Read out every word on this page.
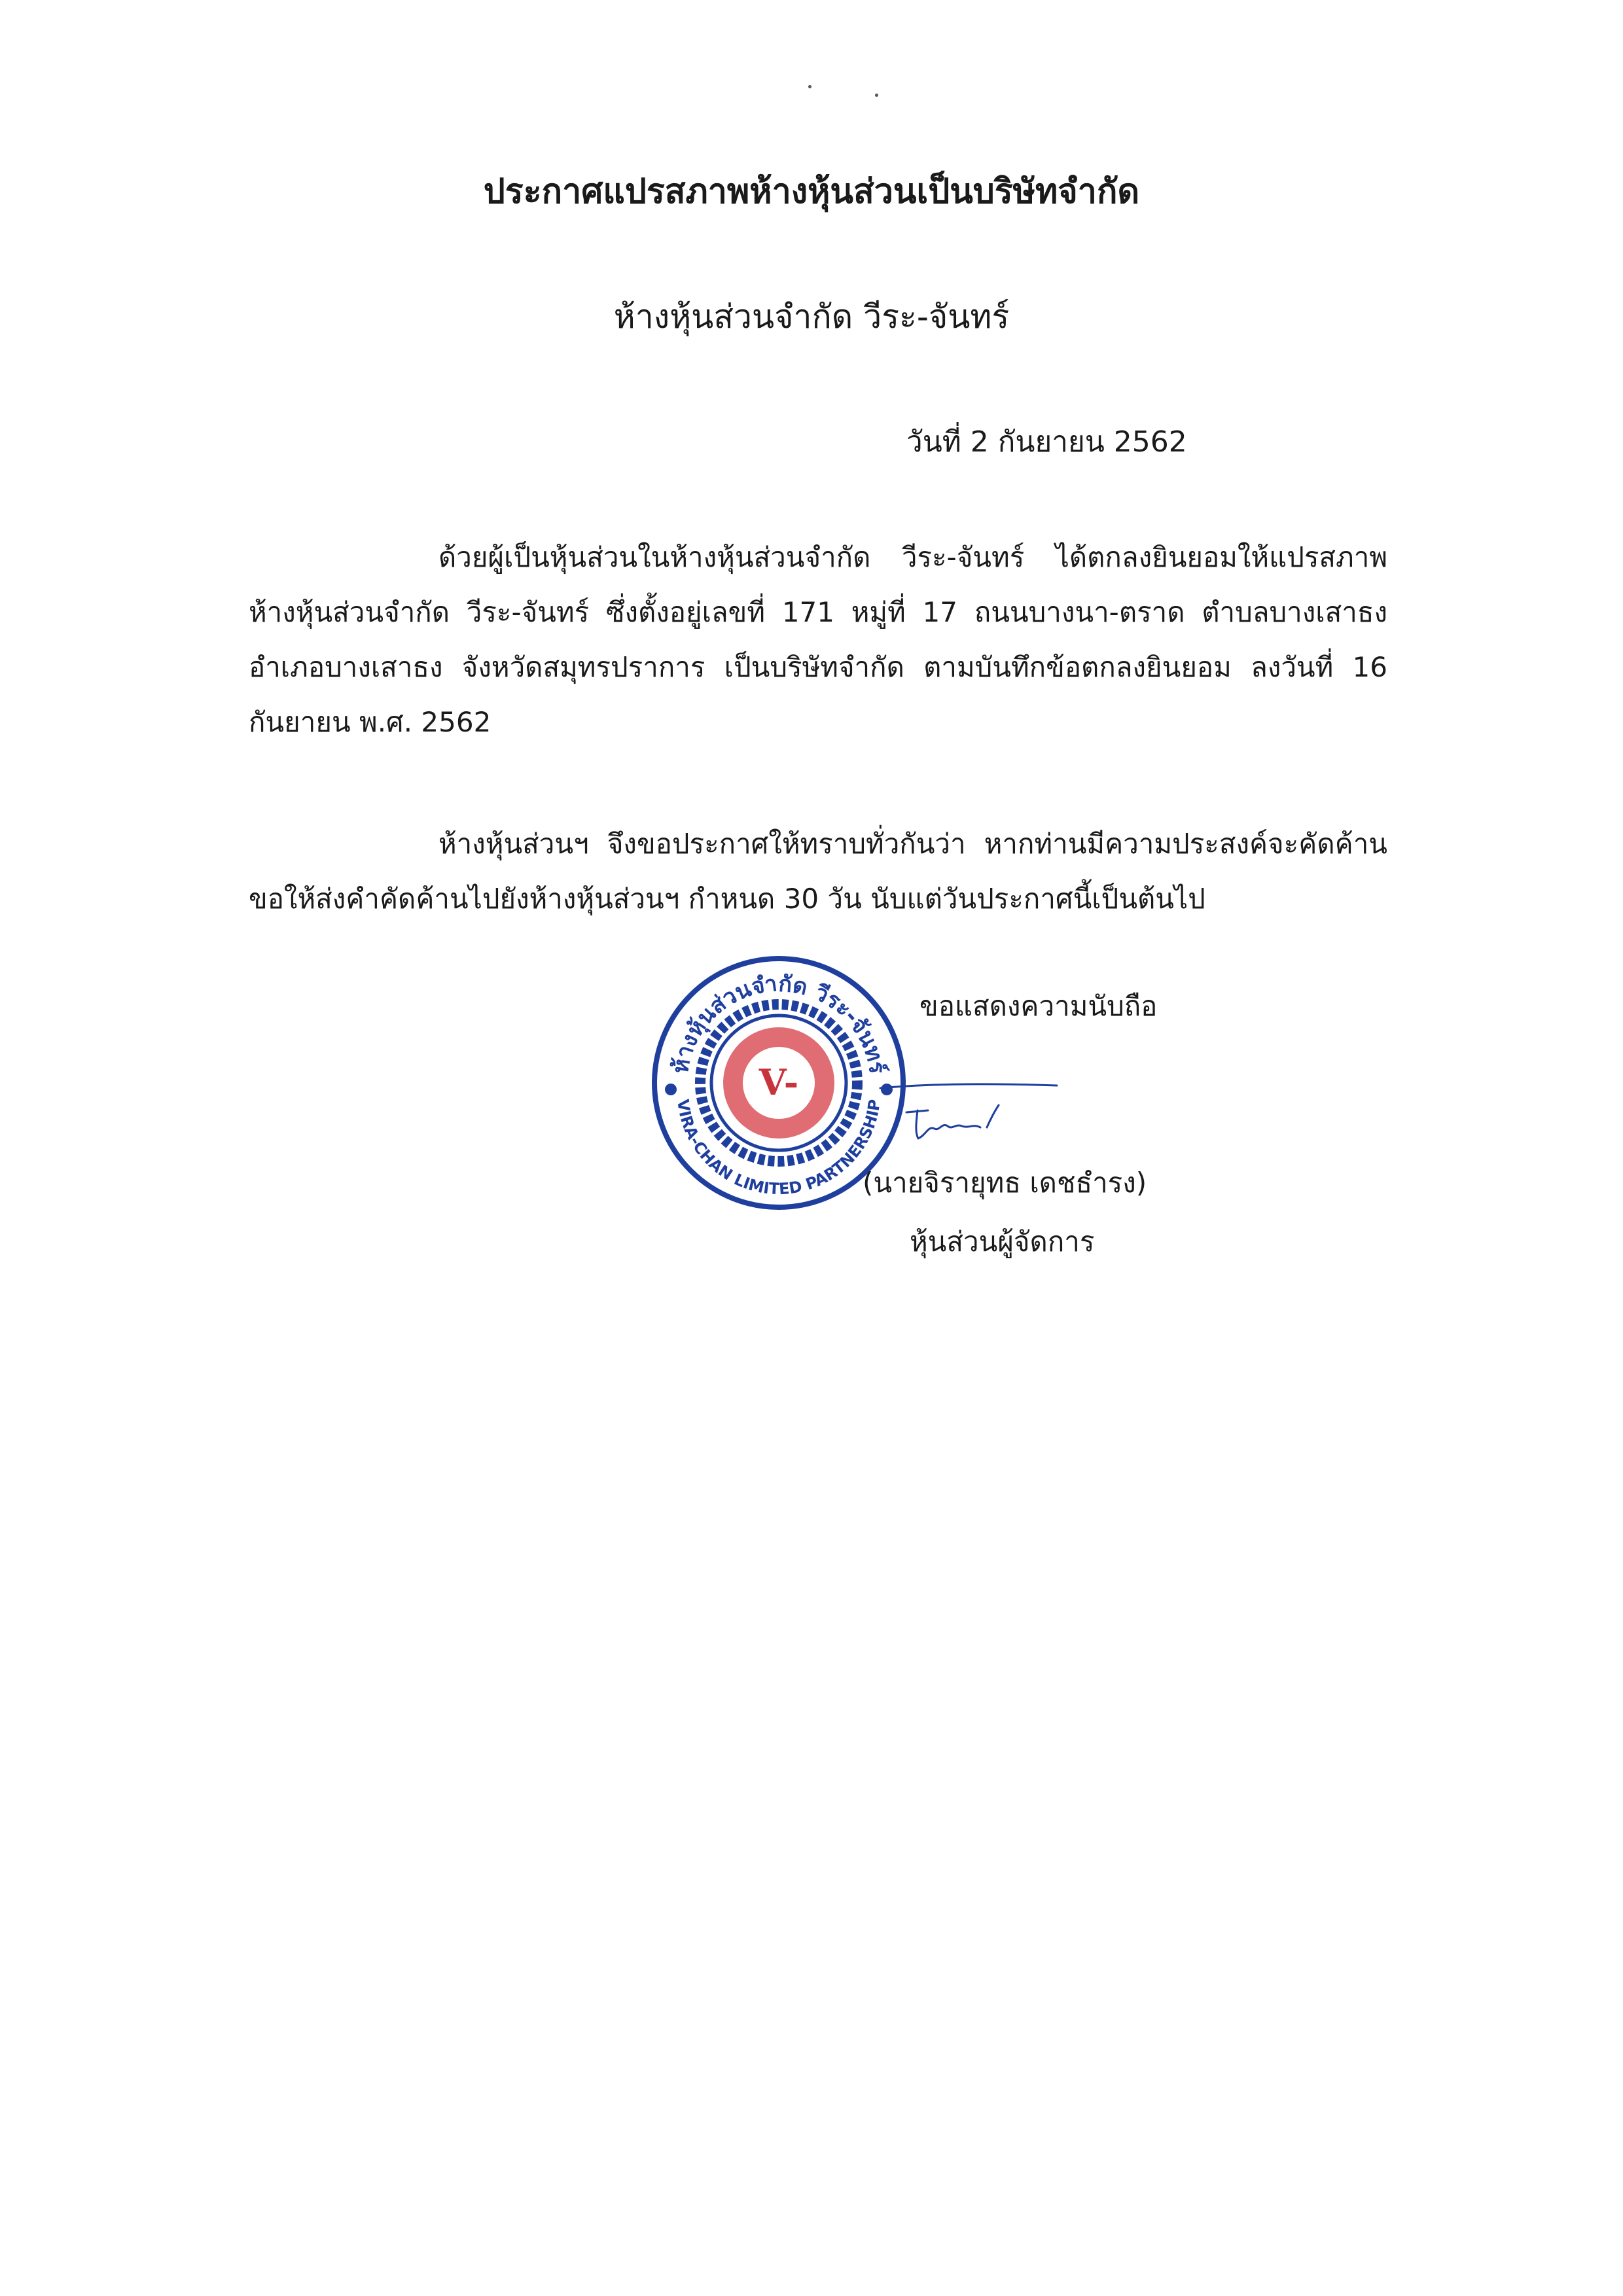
ประกาศแปรสภาพห้างหุ้นส่วนเป็นบริษัทจำกัด
ห้างหุ้นส่วนจำกัด วีระ-จันทร์
วันที่ 2 กันยายน 2562

ด้วยผู้เป็นหุ้นส่วนในห้างหุ้นส่วนจำกัด วีระ-จันทร์ ได้ตกลงยินยอมให้แปรสภาพ ห้างหุ้นส่วนจำกัด วีระ-จันทร์ ซึ่งตั้งอยู่เลขที่ 171 หมู่ที่ 17 ถนนบางนา-ตราด ตำบลบางเสาธง อำเภอบางเสาธง จังหวัดสมุทรปราการ เป็นบริษัทจำกัด ตามบันทึกข้อตกลงยินยอม ลงวันที่ 16 กันยายน พ.ศ. 2562

ห้างหุ้นส่วนฯ จึงขอประกาศให้ทราบทั่วกันว่า หากท่านมีความประสงค์จะคัดค้าน ขอให้ส่งคำคัดค้านไปยังห้างหุ้นส่วนฯ กำหนด 30 วัน นับแต่วันประกาศนี้เป็นต้นไป

ห้างหุ้นส่วนจำกัด วีระ-จันทร์
VIRA-CHAN LIMITED PARTNERSHIP
V-
ขอแสดงความนับถือ
(นายจิรายุทธ เดชธำรง)
หุ้นส่วนผู้จัดการ
